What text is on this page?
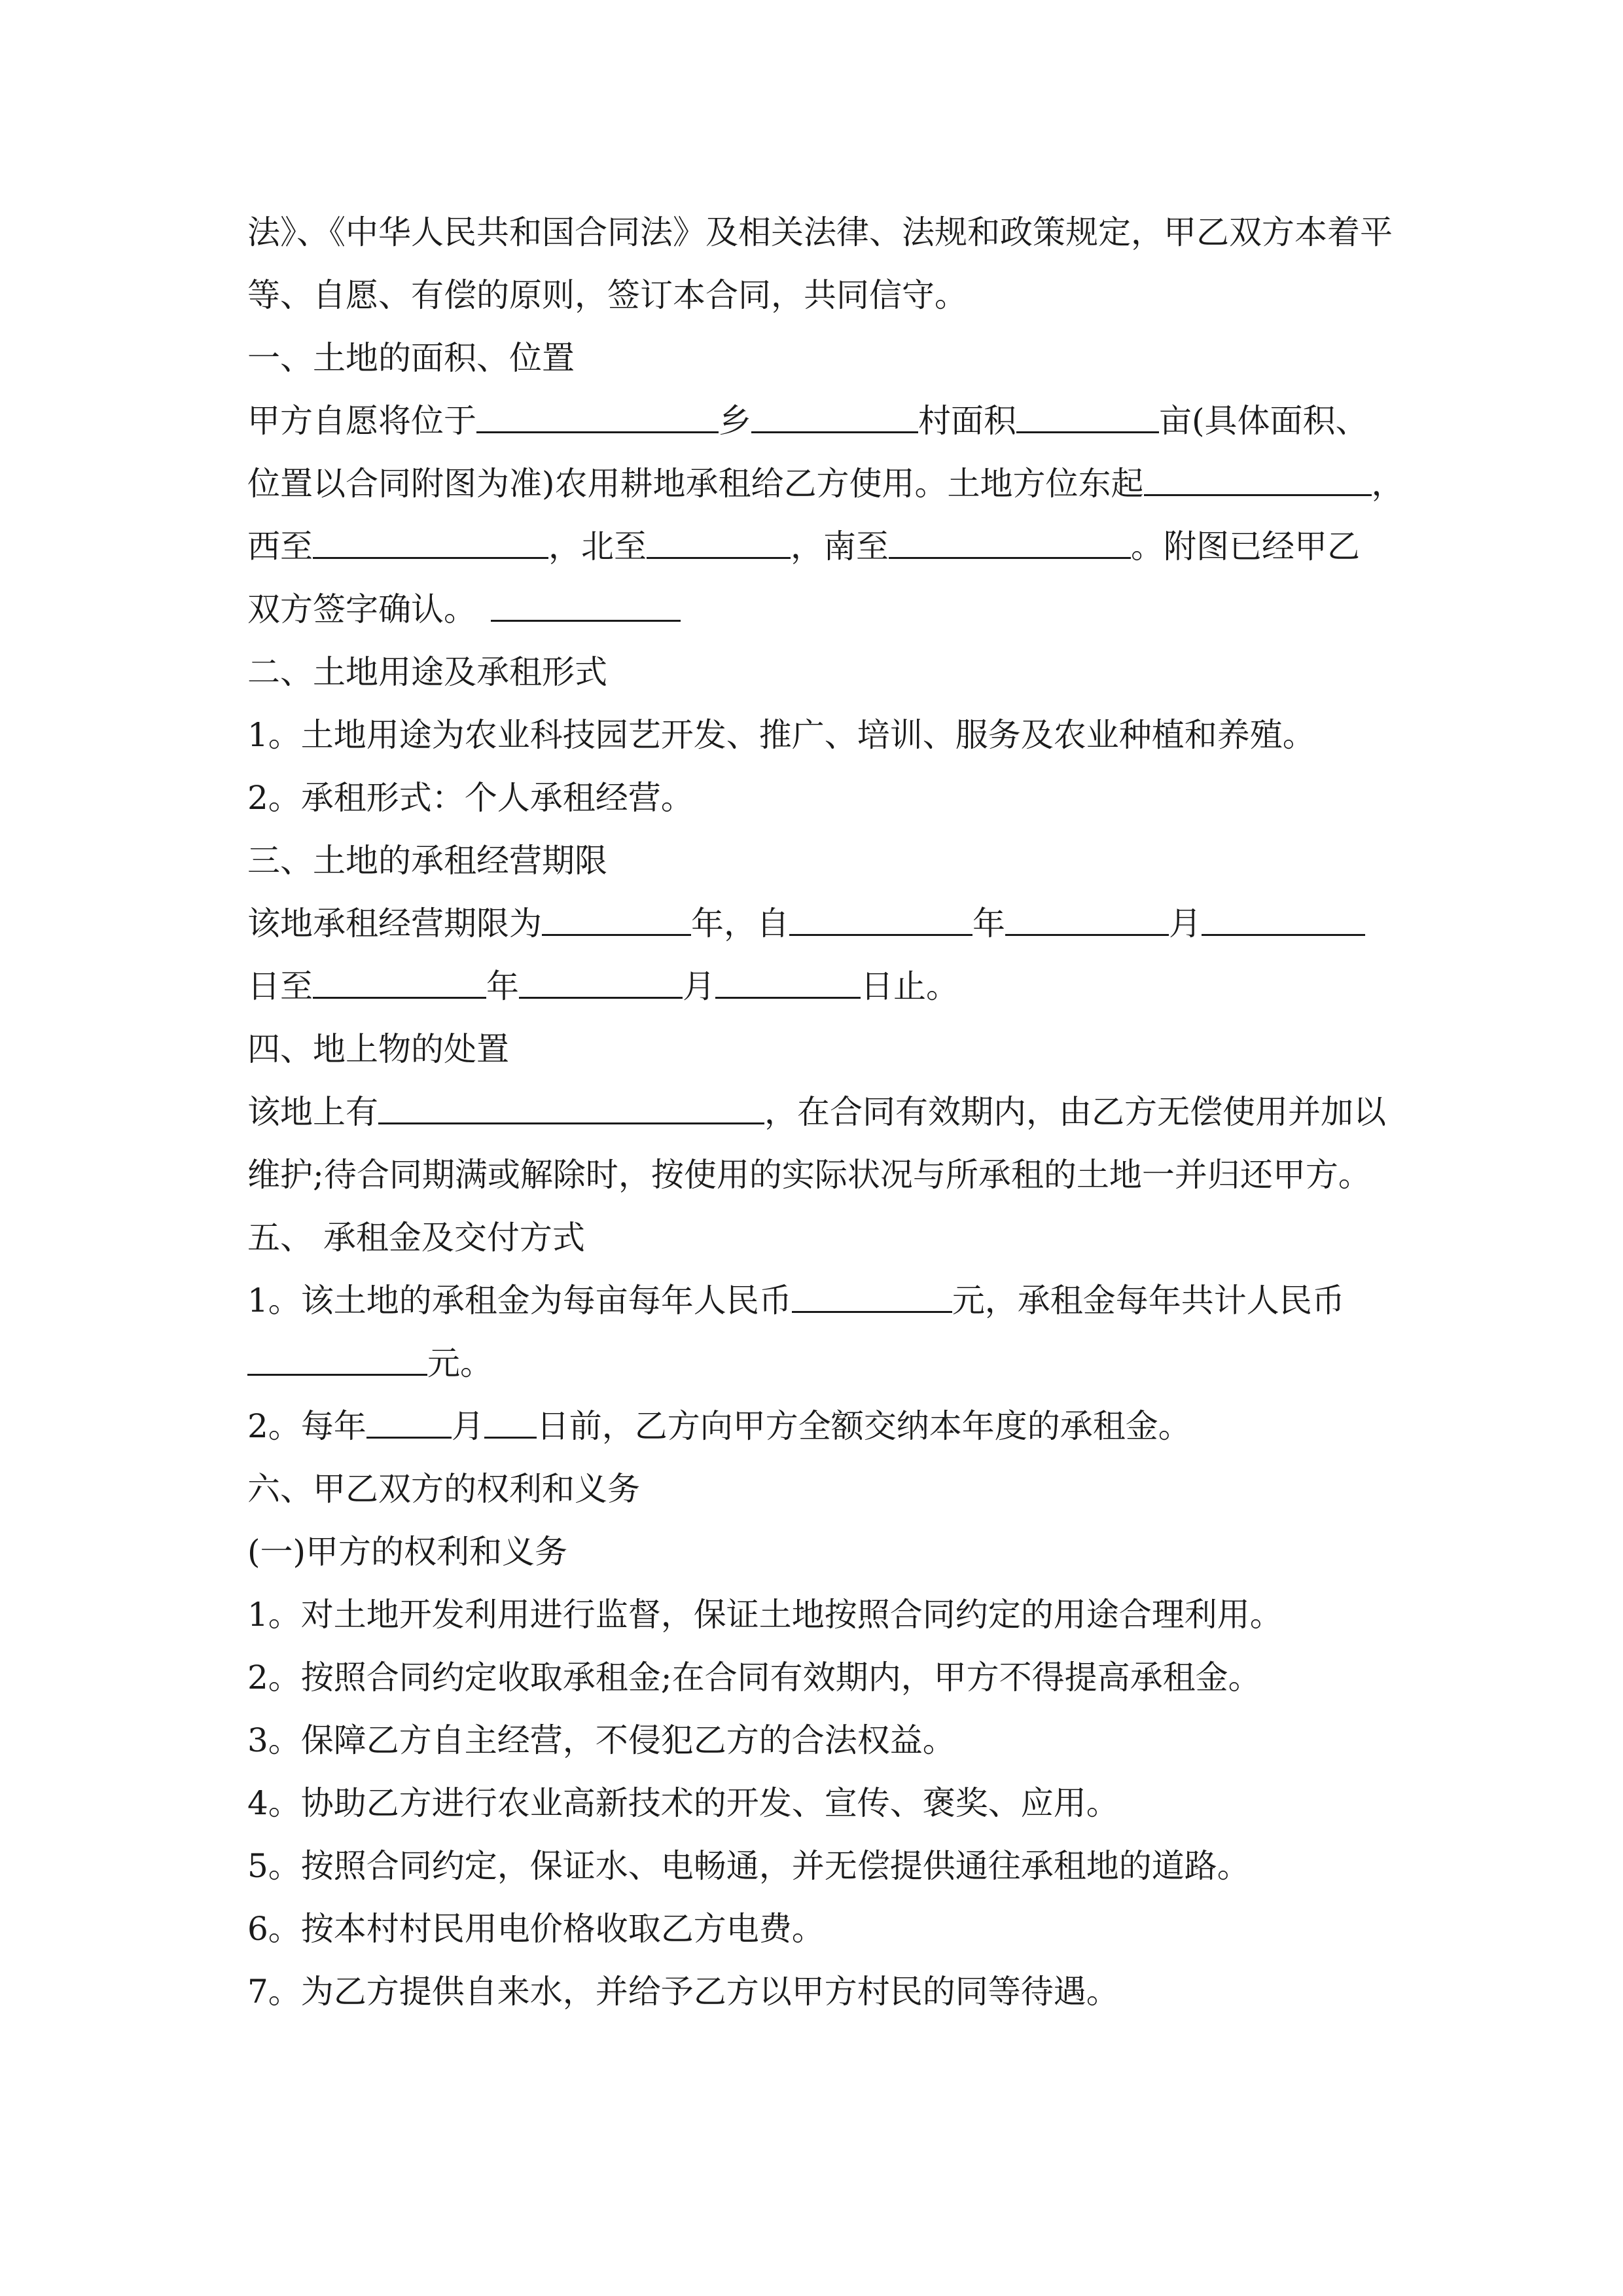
法》、《中华人民共和国合同法》及相关法律、法规和政策规定，甲乙双方本着平
等、自愿、有偿的原则，签订本合同，共同信守。
一、土地的面积、位置
甲方自愿将位于	乡	村面积	亩(具体面积、
位置以合同附图为准)农用耕地承租给乙方使用。土地方位东起	，
西至	，北至	，南至	。附图已经甲乙
双方签字确认。
二、土地用途及承租形式
1。土地用途为农业科技园艺开发、推广、培训、服务及农业种植和养殖。
2。承租形式：个人承租经营。
三、土地的承租经营期限
该地承租经营期限为	年，自	年	月
日至	年	月	日止。
四、地上物的处置
该地上有	，在合同有效期内，由乙方无偿使用并加以
维护;待合同期满或解除时，按使用的实际状况与所承租的土地一并归还甲方。
五、 承租金及交付方式
1。该土地的承租金为每亩每年人民币	元，承租金每年共计人民币
元。
2。每年	月 日前，乙方向甲方全额交纳本年度的承租金。
六、甲乙双方的权利和义务
(一)甲方的权利和义务
1。对土地开发利用进行监督，保证土地按照合同约定的用途合理利用。
2。按照合同约定收取承租金;在合同有效期内，甲方不得提高承租金。
3。保障乙方自主经营，不侵犯乙方的合法权益。
4。协助乙方进行农业高新技术的开发、宣传、褒奖、应用。
5。按照合同约定，保证水、电畅通，并无偿提供通往承租地的道路。
6。按本村村民用电价格收取乙方电费。
7。为乙方提供自来水，并给予乙方以甲方村民的同等待遇。
